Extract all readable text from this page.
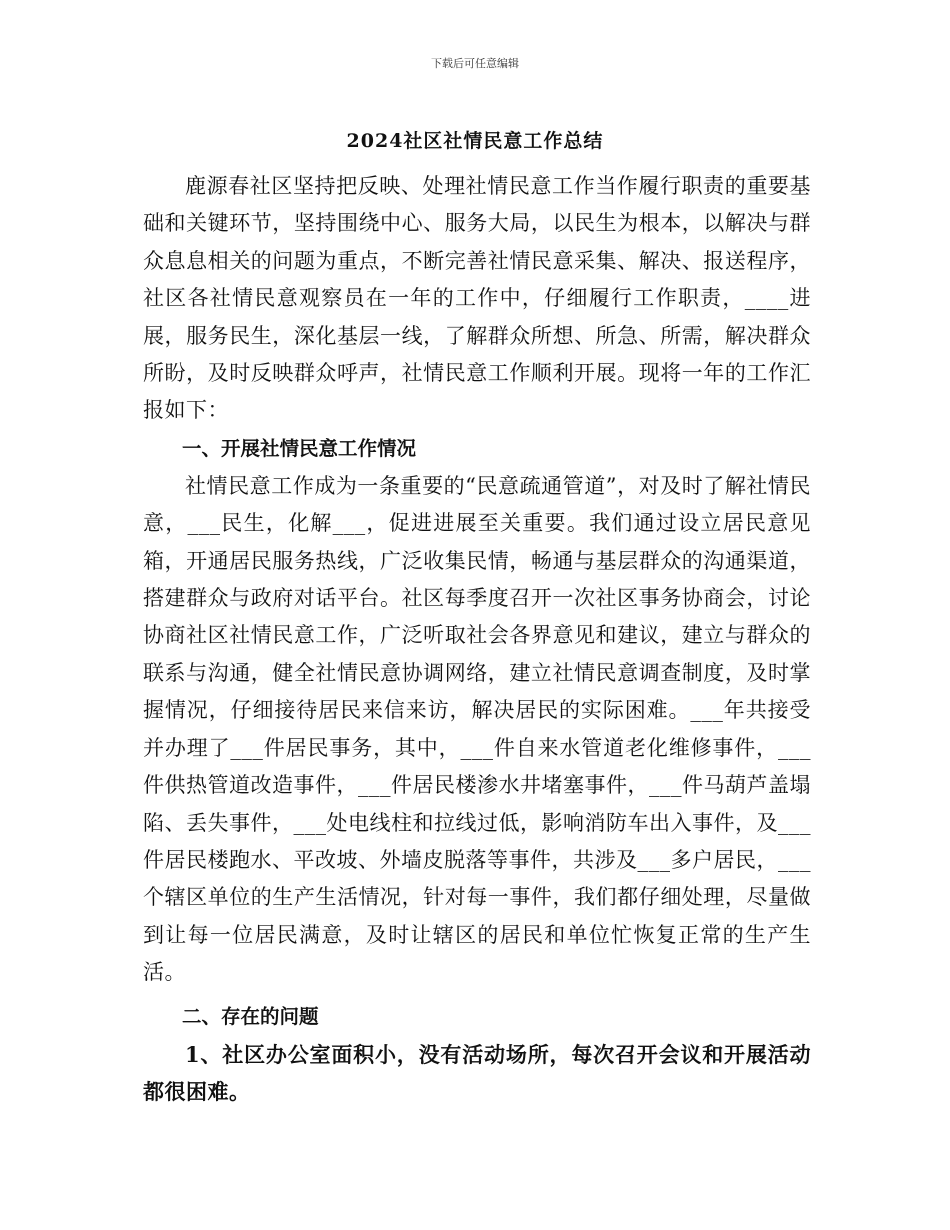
下载后可任意编辑
2024社区社情民意工作总结

鹿源春社区坚持把反映、处理社情民意工作当作履行职责的重要基础和关键环节，坚持围绕中心、服务大局，以民生为根本，以解决与群众息息相关的问题为重点，不断完善社情民意采集、解决、报送程序，社区各社情民意观察员在一年的工作中，仔细履行工作职责，____进展，服务民生，深化基层一线，了解群众所想、所急、所需，解决群众所盼，及时反映群众呼声，社情民意工作顺利开展。现将一年的工作汇报如下：

一、开展社情民意工作情况

社情民意工作成为一条重要的“民意疏通管道”，对及时了解社情民意，___民生，化解___，促进进展至关重要。我们通过设立居民意见箱，开通居民服务热线，广泛收集民情，畅通与基层群众的沟通渠道，搭建群众与政府对话平台。社区每季度召开一次社区事务协商会，讨论协商社区社情民意工作，广泛听取社会各界意见和建议，建立与群众的联系与沟通，健全社情民意协调网络，建立社情民意调查制度，及时掌握情况，仔细接待居民来信来访，解决居民的实际困难。___年共接受并办理了___件居民事务，其中，___件自来水管道老化维修事件，___件供热管道改造事件，___件居民楼渗水井堵塞事件，___件马葫芦盖塌陷、丢失事件，___处电线柱和拉线过低，影响消防车出入事件，及___件居民楼跑水、平改坡、外墙皮脱落等事件，共涉及___多户居民，___个辖区单位的生产生活情况，针对每一事件，我们都仔细处理，尽量做到让每一位居民满意，及时让辖区的居民和单位忙恢复正常的生产生活。

二、存在的问题

1、社区办公室面积小，没有活动场所，每次召开会议和开展活动都很困难。
